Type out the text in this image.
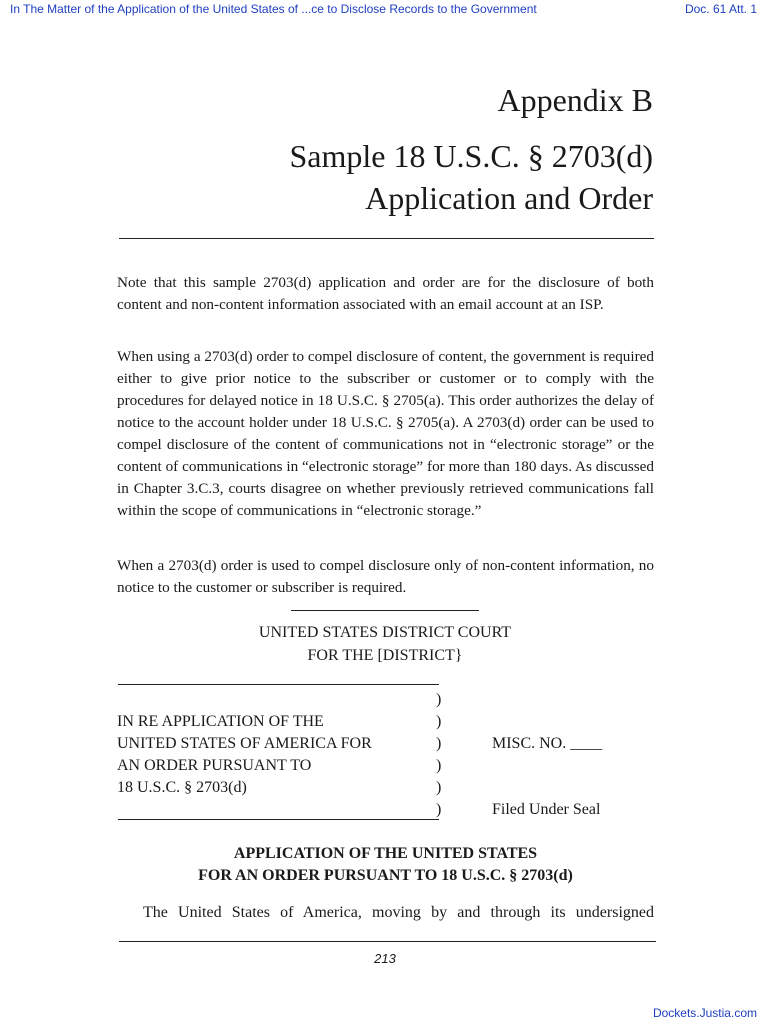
In The Matter of the Application of the United States of ...ce to Disclose Records to the Government	Doc. 61 Att. 1
Appendix B
Sample 18 U.S.C. § 2703(d)
Application and Order

Note that this sample 2703(d) application and order are for the disclosure of both content and non-content information associated with an email account at an ISP.

When using a 2703(d) order to compel disclosure of content, the government is required either to give prior notice to the subscriber or customer or to comply with the procedures for delayed notice in 18 U.S.C. § 2705(a). This order authorizes the delay of notice to the account holder under 18 U.S.C. § 2705(a). A 2703(d) order can be used to compel disclosure of the content of communications not in “electronic storage” or the content of communications in “electronic storage” for more than 180 days. As discussed in Chapter 3.C.3, courts disagree on whether previously retrieved communications fall within the scope of communications in “electronic storage.”

When a 2703(d) order is used to compel disclosure only of non-content information, no notice to the customer or subscriber is required.

UNITED STATES DISTRICT COURT
FOR THE [DISTRICT}
IN RE APPLICATION OF THE
UNITED STATES OF AMERICA FOR
AN ORDER PURSUANT TO
18 U.S.C. § 2703(d)
)
)
)
)
)
)
MISC. NO. ____
Filed Under Seal
APPLICATION OF THE UNITED STATES
FOR AN ORDER PURSUANT TO 18 U.S.C. § 2703(d)
The United States of America, moving by and through its undersigned
213
Dockets.Justia.com
